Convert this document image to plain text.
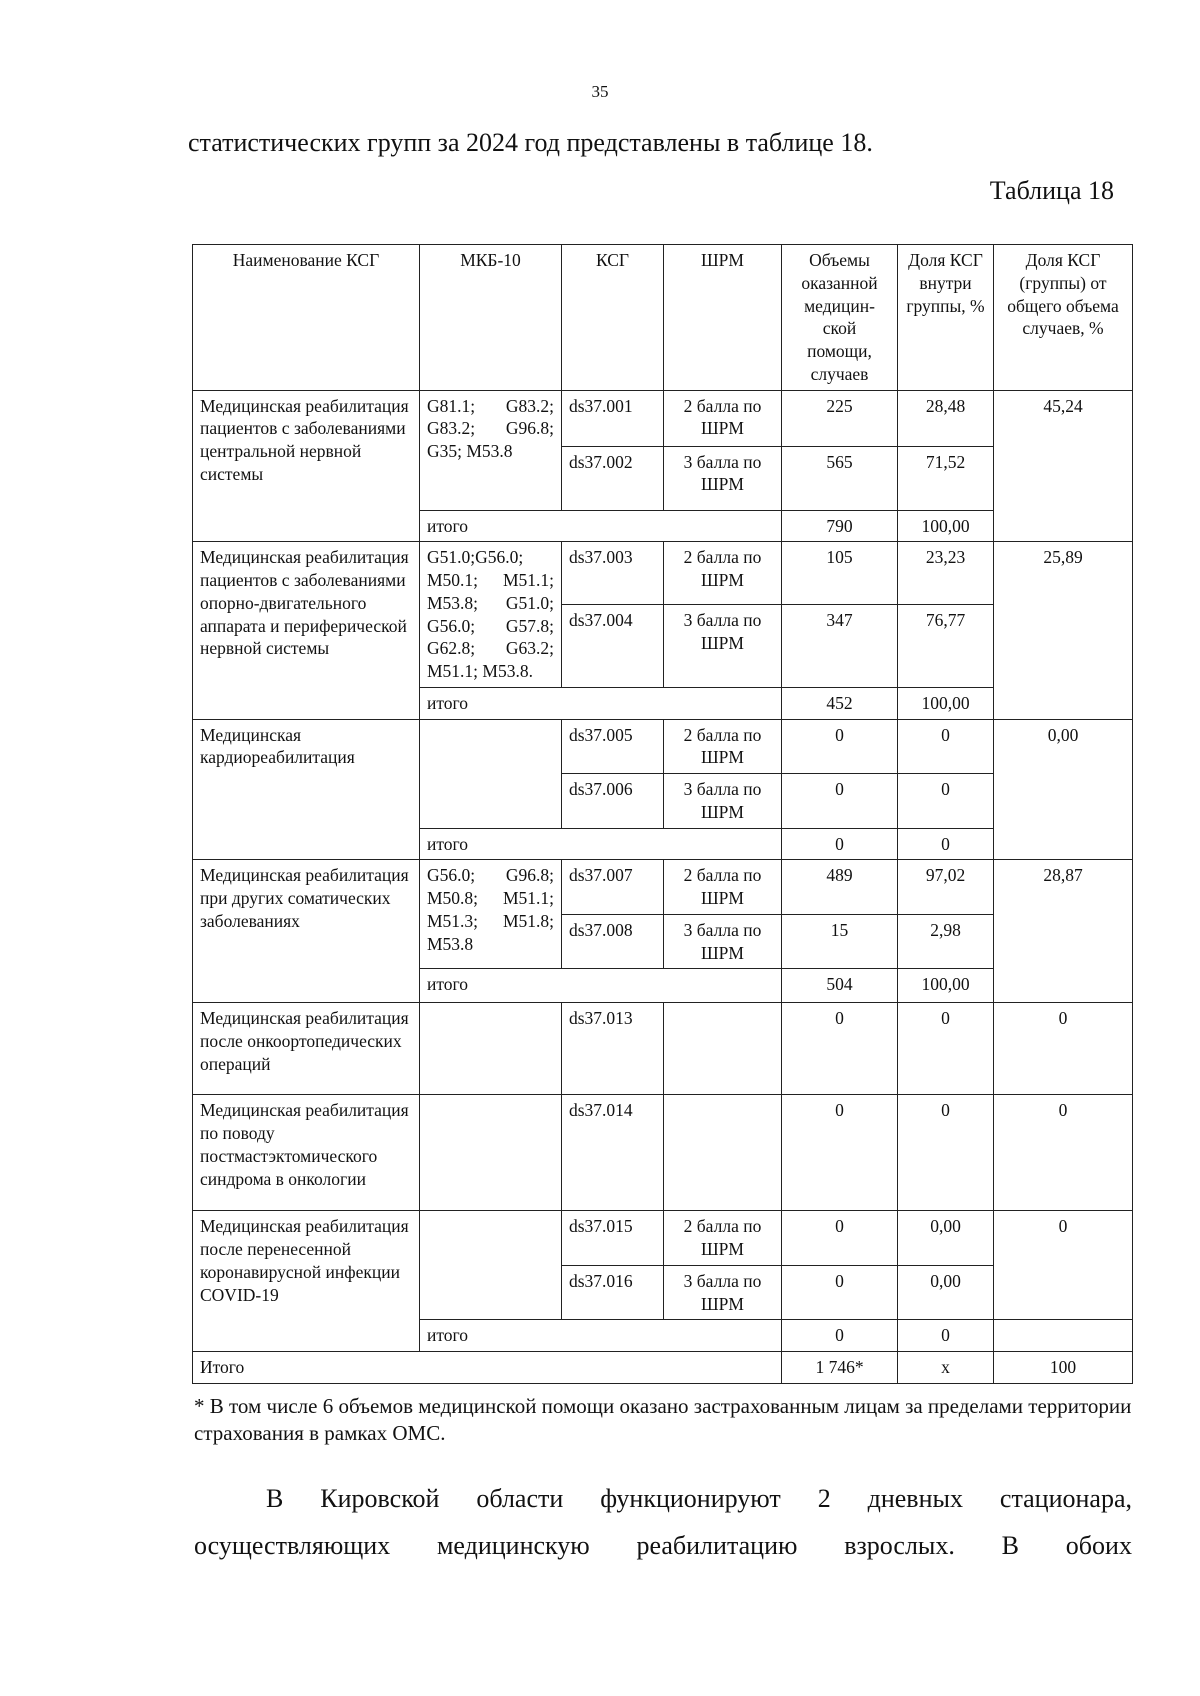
35
статистических групп за 2024 год представлены в таблице 18.
Таблица 18
Наименование КСГ	МКБ-10	КСГ	ШРМ	Объемы оказанной медицин-ской помощи, случаев	Доля КСГ внутри группы, %	Доля КСГ (группы) от общего объема случаев, %
Медицинская реабилитация пациентов с заболеваниями центральной нервной системы	G81.1; G83.2; G83.2; G96.8; G35; M53.8	ds37.001	2 балла по ШРМ	225	28,48	45,24
		ds37.002	3 балла по ШРМ	565	71,52	
	итого			790	100,00	
Медицинская реабилитация пациентов с заболеваниями опорно-двигательного аппарата и периферической нервной системы	G51.0;G56.0; M50.1; M51.1; M53.8; G51.0; G56.0; G57.8; G62.8; G63.2; M51.1; M53.8.	ds37.003	2 балла по ШРМ	105	23,23	25,89
		ds37.004	3 балла по ШРМ	347	76,77	
	итого			452	100,00	
Медицинская кардиореабилитация		ds37.005	2 балла по ШРМ	0	0	0,00
		ds37.006	3 балла по ШРМ	0	0	
	итого			0	0	
Медицинская реабилитация при других соматических заболеваниях	G56.0; G96.8; M50.8; M51.1; M51.3; M51.8; M53.8	ds37.007	2 балла по ШРМ	489	97,02	28,87
		ds37.008	3 балла по ШРМ	15	2,98	
	итого			504	100,00	
Медицинская реабилитация после онкоортопедических операций		ds37.013		0	0	0
Медицинская реабилитация по поводу постмастэктомического синдрома в онкологии		ds37.014		0	0	0
Медицинская реабилитация после перенесенной коронавирусной инфекции COVID-19		ds37.015	2 балла по ШРМ	0	0,00	0
		ds37.016	3 балла по ШРМ	0	0,00	
	итого			0	0	
Итого				1 746*	х	100
* В том числе 6 объемов медицинской помощи оказано застрахованным лицам за пределами территории страхования в рамках ОМС.
В Кировской области функционируют 2 дневных стационара,
осуществляющих медицинскую реабилитацию взрослых. В обоих
